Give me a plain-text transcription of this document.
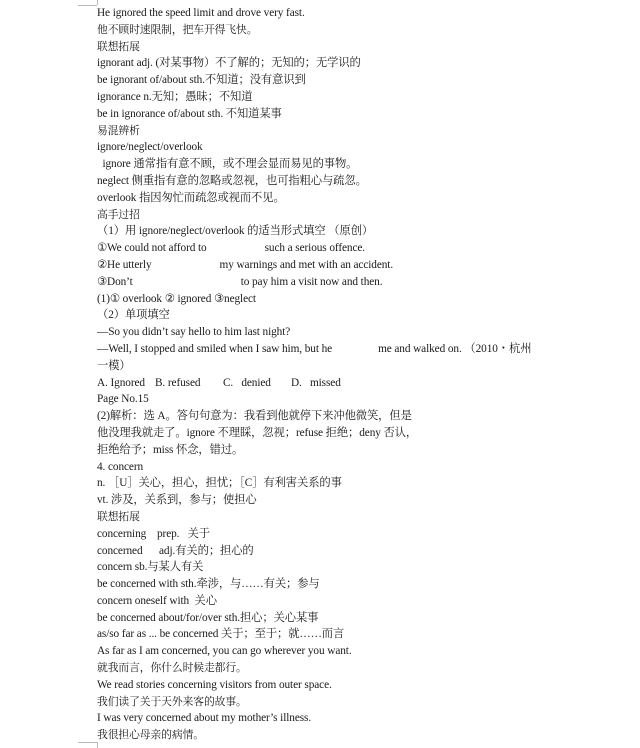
He ignored the speed limit and drove very fast.
他不顾时速限制，把车开得飞快。
联想拓展
ignorant adj. (对某事物）不了解的；无知的；无学识的
be ignorant of/about sth.不知道；没有意识到
ignorance n.无知；愚昧；不知道
be in ignorance of/about sth. 不知道某事
易混辨析
ignore/neglect/overlook
ignore 通常指有意不顾，或不理会显而易见的事物。
neglect 侧重指有意的忽略或忽视，也可指粗心与疏忽。
overlook 指因匆忙而疏忽或视而不见。
高手过招
（1）用 ignore/neglect/overlook 的适当形式填空 （原创）
①We could not afford to	such a serious offence.
②He utterly	my warnings and met with an accident.
③Don’t	to pay him a visit now and then.
(1)① overlook ② ignored ③neglect
（2）单项填空
—So you didn’t say hello to him last night?
—Well, I stopped and smiled when I saw him, but he	me and walked on. （2010・杭州
一模）
A. Ignored B. refused C.   denied D.   missed
Page No.15
(2)解析：选 A。答句句意为：我看到他就停下来冲他微笑，但是
他没理我就走了。ignore 不理睬，忽视；refuse 拒绝；deny 否认，
拒绝给予；miss 怀念，错过。
4. concern
n. ［U］关心，担心，担忧；［C］有利害关系的事
vt. 涉及，关系到，参与；使担心
联想拓展
concerning prep.   关于
concerned adj.有关的；担心的
concern sb.与某人有关
be concerned with sth.牵涉，与……有关；参与
concern oneself with  关心
be concerned about/for/over sth.担心；关心某事
as/so far as ... be concerned 关于；至于；就……而言
As far as I am concerned, you can go wherever you want.
就我而言，你什么时候走都行。
We read stories concerning visitors from outer space.
我们读了关于天外来客的故事。
I was very concerned about my mother’s illness.
我很担心母亲的病情。
